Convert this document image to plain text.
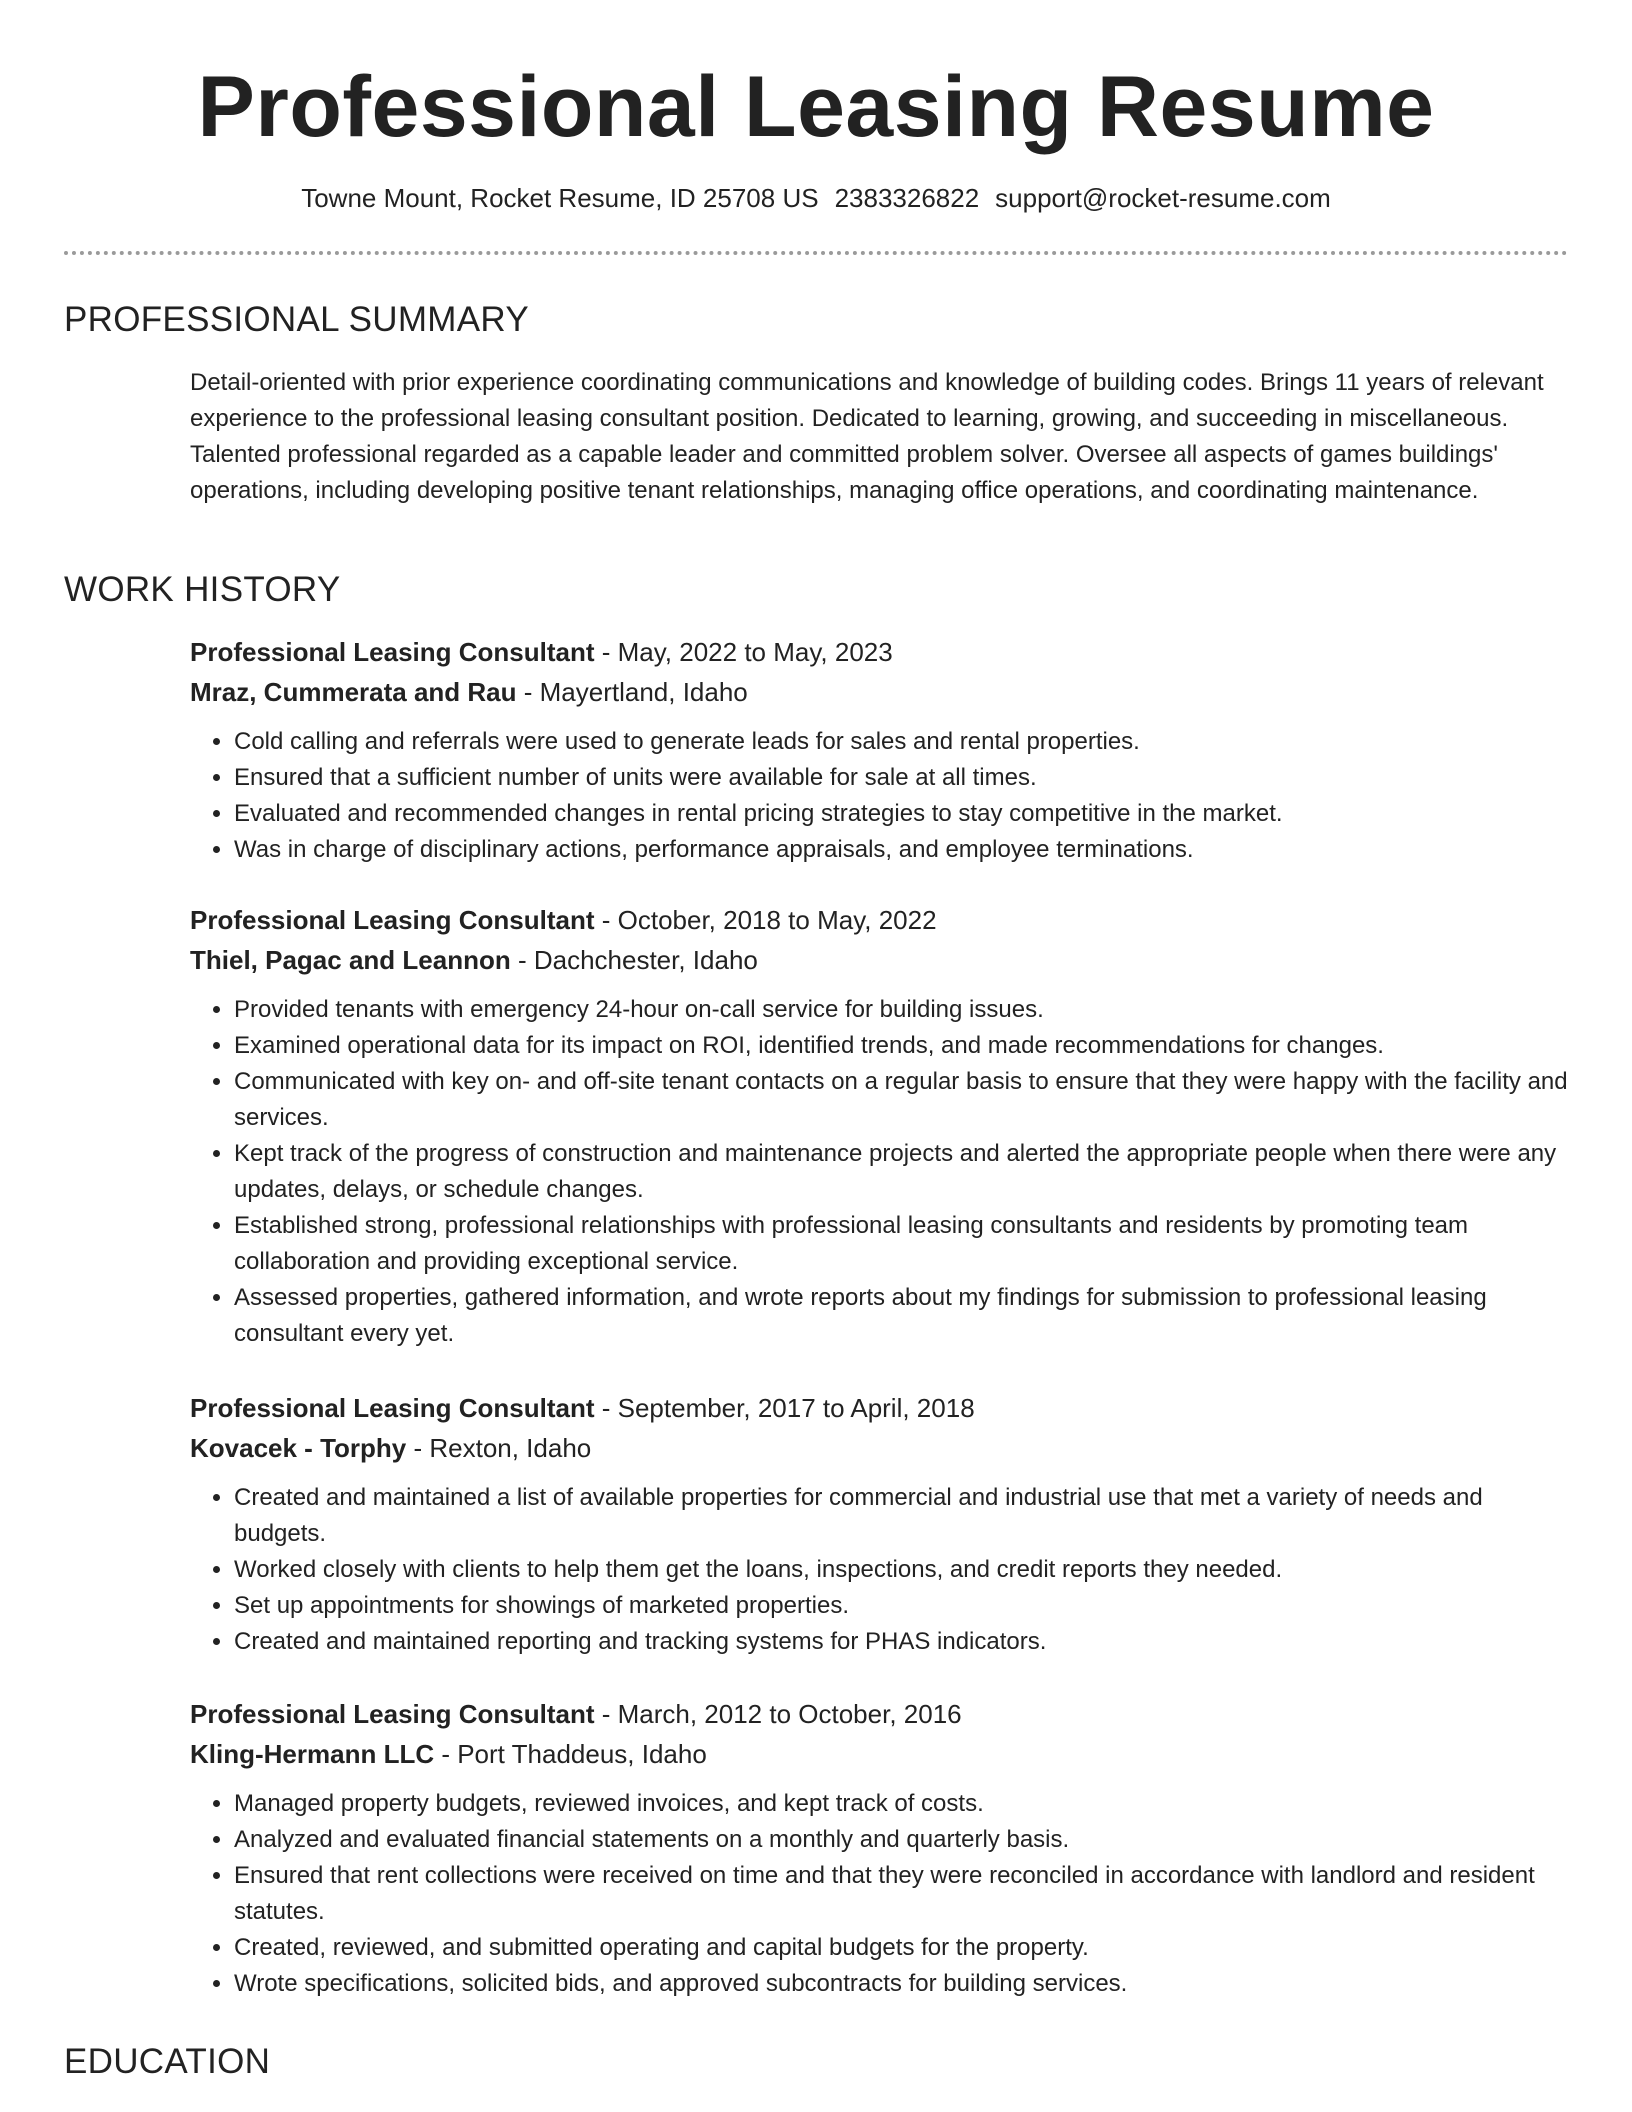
Professional Leasing Resume
Towne Mount, Rocket Resume, ID 25708 US 2383326822 support@rocket-resume.com
PROFESSIONAL SUMMARY

Detail-oriented with prior experience coordinating communications and knowledge of building codes. Brings 11 years of relevant experience to the professional leasing consultant position. Dedicated to learning, growing, and succeeding in miscellaneous. Talented professional regarded as a capable leader and committed problem solver. Oversee all aspects of games buildings' operations, including developing positive tenant relationships, managing office operations, and coordinating maintenance.

WORK HISTORY

Professional Leasing Consultant - May, 2022 to May, 2023

Mraz, Cummerata and Rau - Mayertland, Idaho

• Cold calling and referrals were used to generate leads for sales and rental properties.
• Ensured that a sufficient number of units were available for sale at all times.
• Evaluated and recommended changes in rental pricing strategies to stay competitive in the market.
• Was in charge of disciplinary actions, performance appraisals, and employee terminations.

Professional Leasing Consultant - October, 2018 to May, 2022

Thiel, Pagac and Leannon - Dachchester, Idaho

• Provided tenants with emergency 24-hour on-call service for building issues.
• Examined operational data for its impact on ROI, identified trends, and made recommendations for changes.
• Communicated with key on- and off-site tenant contacts on a regular basis to ensure that they were happy with the facility and services.
• Kept track of the progress of construction and maintenance projects and alerted the appropriate people when there were any updates, delays, or schedule changes.
• Established strong, professional relationships with professional leasing consultants and residents by promoting team collaboration and providing exceptional service.
• Assessed properties, gathered information, and wrote reports about my findings for submission to professional leasing consultant every yet.

Professional Leasing Consultant - September, 2017 to April, 2018

Kovacek - Torphy - Rexton, Idaho

• Created and maintained a list of available properties for commercial and industrial use that met a variety of needs and budgets.
• Worked closely with clients to help them get the loans, inspections, and credit reports they needed.
• Set up appointments for showings of marketed properties.
• Created and maintained reporting and tracking systems for PHAS indicators.

Professional Leasing Consultant - March, 2012 to October, 2016

Kling-Hermann LLC - Port Thaddeus, Idaho

• Managed property budgets, reviewed invoices, and kept track of costs.
• Analyzed and evaluated financial statements on a monthly and quarterly basis.
• Ensured that rent collections were received on time and that they were reconciled in accordance with landlord and resident statutes.
• Created, reviewed, and submitted operating and capital budgets for the property.
• Wrote specifications, solicited bids, and approved subcontracts for building services.
EDUCATION
